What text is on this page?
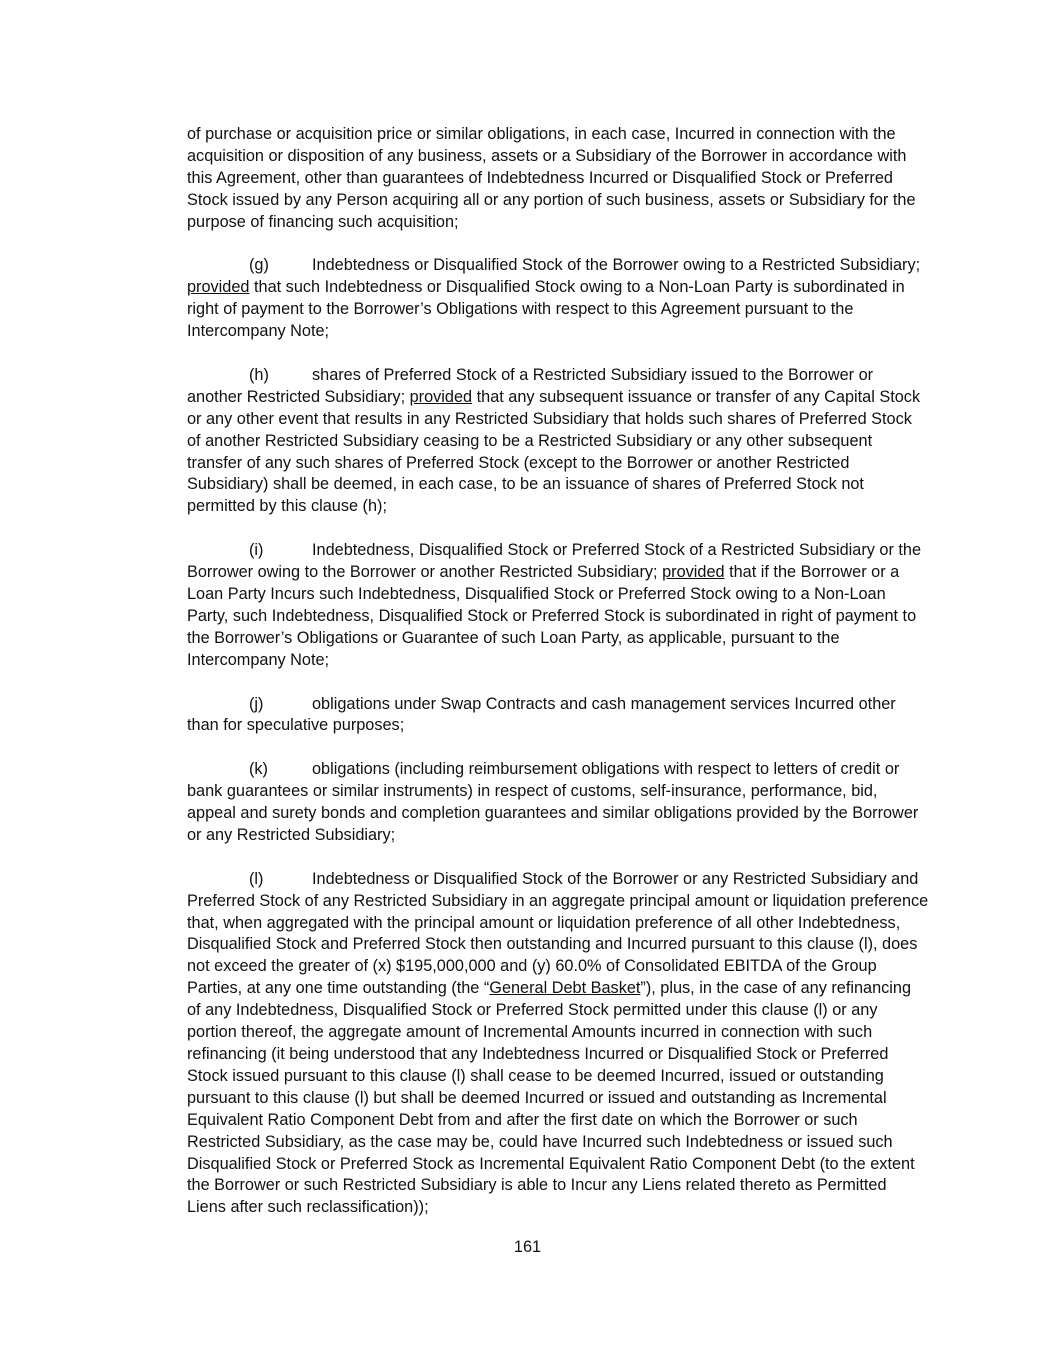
of purchase or acquisition price or similar obligations, in each case, Incurred in connection with the acquisition or disposition of any business, assets or a Subsidiary of the Borrower in accordance with this Agreement, other than guarantees of Indebtedness Incurred or Disqualified Stock or Preferred Stock issued by any Person acquiring all or any portion of such business, assets or Subsidiary for the purpose of financing such acquisition;

(g)	Indebtedness or Disqualified Stock of the Borrower owing to a Restricted Subsidiary; provided that such Indebtedness or Disqualified Stock owing to a Non-Loan Party is subordinated in right of payment to the Borrower’s Obligations with respect to this Agreement pursuant to the Intercompany Note;

(h)	shares of Preferred Stock of a Restricted Subsidiary issued to the Borrower or another Restricted Subsidiary; provided that any subsequent issuance or transfer of any Capital Stock or any other event that results in any Restricted Subsidiary that holds such shares of Preferred Stock of another Restricted Subsidiary ceasing to be a Restricted Subsidiary or any other subsequent transfer of any such shares of Preferred Stock (except to the Borrower or another Restricted Subsidiary) shall be deemed, in each case, to be an issuance of shares of Preferred Stock not permitted by this clause (h);

(i)	Indebtedness, Disqualified Stock or Preferred Stock of a Restricted Subsidiary or the Borrower owing to the Borrower or another Restricted Subsidiary; provided that if the Borrower or a Loan Party Incurs such Indebtedness, Disqualified Stock or Preferred Stock owing to a Non-Loan Party, such Indebtedness, Disqualified Stock or Preferred Stock is subordinated in right of payment to the Borrower’s Obligations or Guarantee of such Loan Party, as applicable, pursuant to the Intercompany Note;

(j)	obligations under Swap Contracts and cash management services Incurred other than for speculative purposes;

(k)	obligations (including reimbursement obligations with respect to letters of credit or bank guarantees or similar instruments) in respect of customs, self-insurance, performance, bid, appeal and surety bonds and completion guarantees and similar obligations provided by the Borrower or any Restricted Subsidiary;

(l)	Indebtedness or Disqualified Stock of the Borrower or any Restricted Subsidiary and Preferred Stock of any Restricted Subsidiary in an aggregate principal amount or liquidation preference that, when aggregated with the principal amount or liquidation preference of all other Indebtedness, Disqualified Stock and Preferred Stock then outstanding and Incurred pursuant to this clause (l), does not exceed the greater of (x) $195,000,000 and (y) 60.0% of Consolidated EBITDA of the Group Parties, at any one time outstanding (the “General Debt Basket”), plus, in the case of any refinancing of any Indebtedness, Disqualified Stock or Preferred Stock permitted under this clause (l) or any portion thereof, the aggregate amount of Incremental Amounts incurred in connection with such refinancing (it being understood that any Indebtedness Incurred or Disqualified Stock or Preferred Stock issued pursuant to this clause (l) shall cease to be deemed Incurred, issued or outstanding pursuant to this clause (l) but shall be deemed Incurred or issued and outstanding as Incremental Equivalent Ratio Component Debt from and after the first date on which the Borrower or such Restricted Subsidiary, as the case may be, could have Incurred such Indebtedness or issued such Disqualified Stock or Preferred Stock as Incremental Equivalent Ratio Component Debt (to the extent the Borrower or such Restricted Subsidiary is able to Incur any Liens related thereto as Permitted Liens after such reclassification));

161
